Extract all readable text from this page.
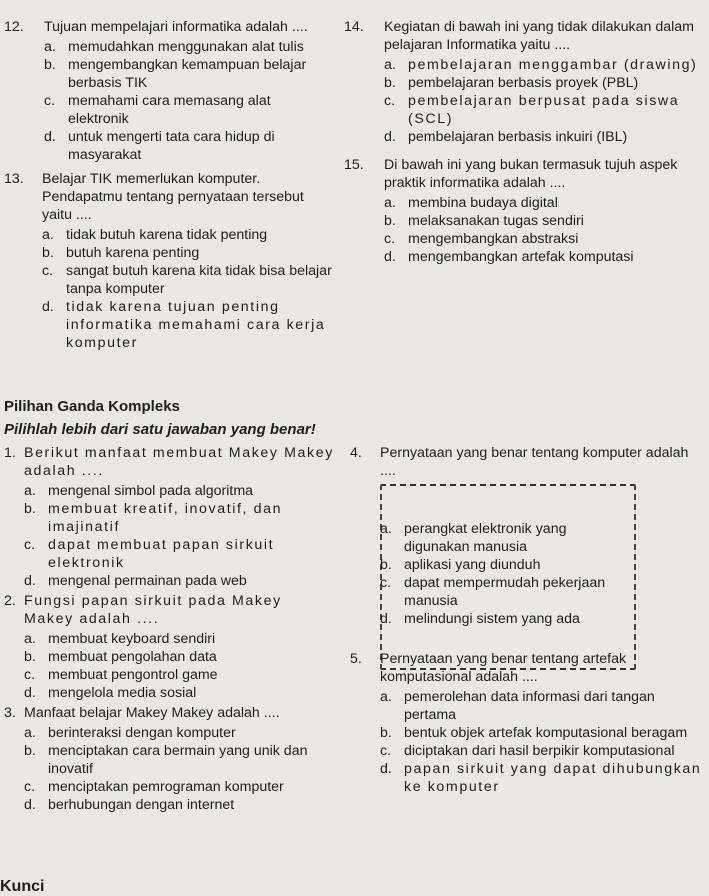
12. Tujuan mempelajari informatika adalah ....
a. memudahkan menggunakan alat tulis
b. mengembangkan kemampuan belajar berbasis TIK
c. memahami cara memasang alat elektronik
d. untuk mengerti tata cara hidup di masyarakat
13. Belajar TIK memerlukan komputer. Pendapatmu tentang pernyataan tersebut yaitu ....
a. tidak butuh karena tidak penting
b. butuh karena penting
c. sangat butuh karena kita tidak bisa belajar tanpa komputer
d. tidak karena tujuan penting informatika memahami cara kerja komputer
14. Kegiatan di bawah ini yang tidak dilakukan dalam pelajaran Informatika yaitu ....
a. pembelajaran menggambar (drawing)
b. pembelajaran berbasis proyek (PBL)
c. pembelajaran berpusat pada siswa (SCL)
d. pembelajaran berbasis inkuiri (IBL)
15. Di bawah ini yang bukan termasuk tujuh aspek praktik informatika adalah ....
a. membina budaya digital
b. melaksanakan tugas sendiri
c. mengembangkan abstraksi
d. mengembangkan artefak komputasi
Pilihan Ganda Kompleks
Pilihlah lebih dari satu jawaban yang benar!
1. Berikut manfaat membuat Makey Makey adalah ....
a. mengenal simbol pada algoritma
b. membuat kreatif, inovatif, dan imajinatif
c. dapat membuat papan sirkuit elektronik
d. mengenal permainan pada web
2. Fungsi papan sirkuit pada Makey Makey adalah ....
a. membuat keyboard sendiri
b. membuat pengolahan data
c. membuat pengontrol game
d. mengelola media sosial
3. Manfaat belajar Makey Makey adalah ....
a. berinteraksi dengan komputer
b. menciptakan cara bermain yang unik dan inovatif
c. menciptakan pemrograman komputer
d. berhubungan dengan internet
4. Pernyataan yang benar tentang komputer adalah ....
a. perangkat elektronik yang digunakan manusia
b. aplikasi yang diunduh
c. dapat mempermudah pekerjaan manusia
d. melindungi sistem yang ada
5. Pernyataan yang benar tentang artefak komputasional adalah ....
a. pemerolehan data informasi dari tangan pertama
b. bentuk objek artefak komputasional beragam
c. diciptakan dari hasil berpikir komputasional
d. papan sirkuit yang dapat dihubungkan ke komputer
Kunci
